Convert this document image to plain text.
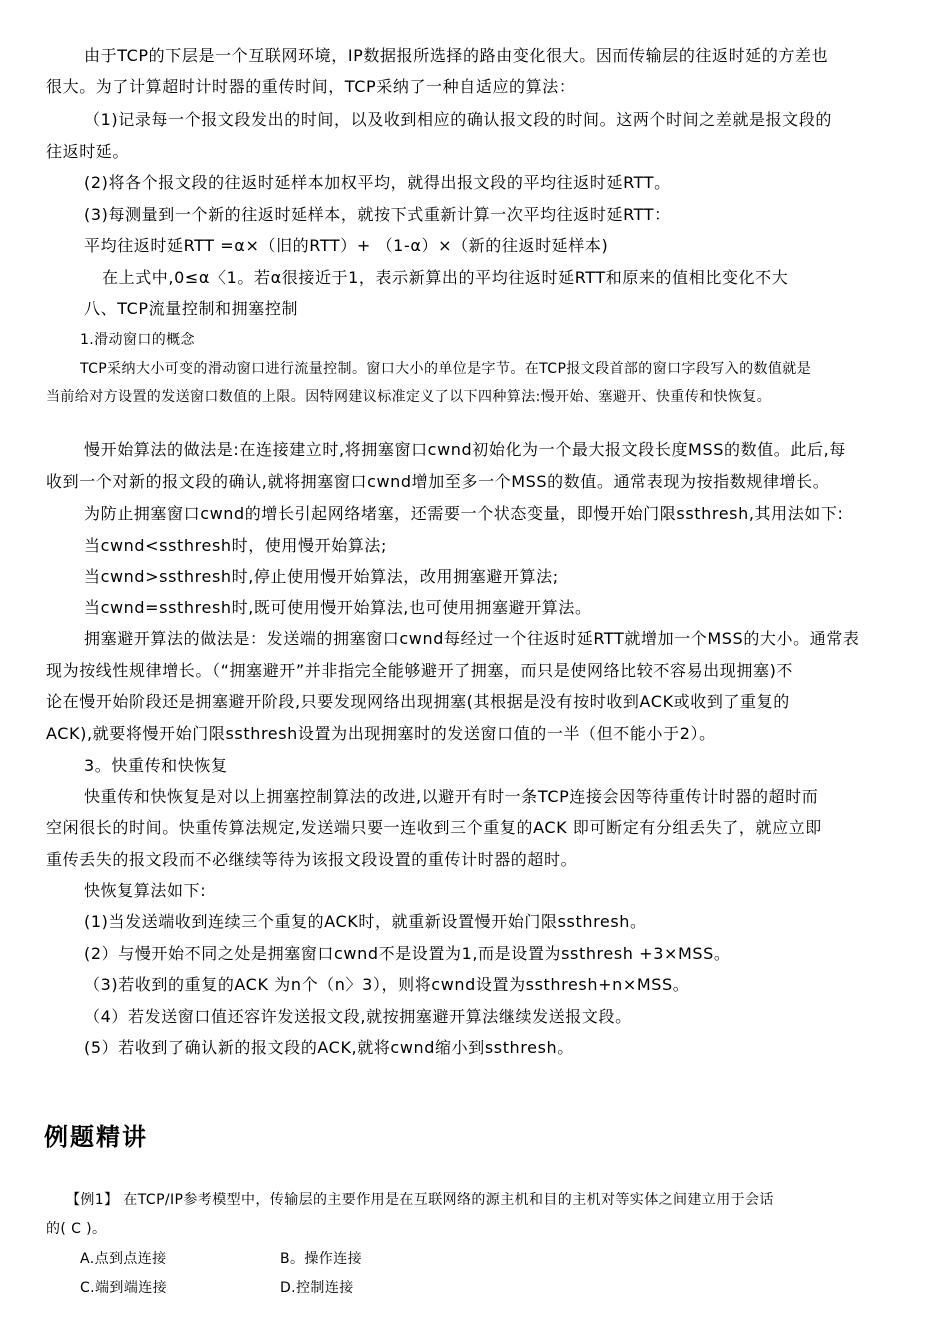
由于TCP的下层是一个互联网环境，IP数据报所选择的路由变化很大。因而传输层的往返时延的方差也
很大。为了计算超时计时器的重传时间，TCP采纳了一种自适应的算法：
（1)记录每一个报文段发出的时间，以及收到相应的确认报文段的时间。这两个时间之差就是报文段的
往返时延。
(2)将各个报文段的往返时延样本加权平均，就得出报文段的平均往返时延RTT。
(3)每测量到一个新的往返时延样本，就按下式重新计算一次平均往返时延RTT：
平均往返时延RTT =α×（旧的RTT）+ （1-α）×（新的往返时延样本)
在上式中,0≤α〈1。若α很接近于1，表示新算出的平均往返时延RTT和原来的值相比变化不大
八、TCP流量控制和拥塞控制
1.滑动窗口的概念
TCP采纳大小可变的滑动窗口进行流量控制。窗口大小的单位是字节。在TCP报文段首部的窗口字段写入的数值就是
当前给对方设置的发送窗口数值的上限。因特网建议标准定义了以下四种算法:慢开始、塞避开、快重传和快恢复。
慢开始算法的做法是:在连接建立时,将拥塞窗口cwnd初始化为一个最大报文段长度MSS的数值。此后,每
收到一个对新的报文段的确认,就将拥塞窗口cwnd增加至多一个MSS的数值。通常表现为按指数规律增长。
为防止拥塞窗口cwnd的增长引起网络堵塞，还需要一个状态变量，即慢开始门限ssthresh,其用法如下:
当cwnd<ssthresh时，使用慢开始算法;
当cwnd>ssthresh时,停止使用慢开始算法，改用拥塞避开算法;
当cwnd=ssthresh时,既可使用慢开始算法,也可使用拥塞避开算法。
拥塞避开算法的做法是：发送端的拥塞窗口cwnd每经过一个往返时延RTT就增加一个MSS的大小。通常表
现为按线性规律增长。（“拥塞避开”并非指完全能够避开了拥塞，而只是使网络比较不容易出现拥塞)不
论在慢开始阶段还是拥塞避开阶段,只要发现网络出现拥塞(其根据是没有按时收到ACK或收到了重复的
ACK),就要将慢开始门限ssthresh设置为出现拥塞时的发送窗口值的一半（但不能小于2）。
3。快重传和快恢复
快重传和快恢复是对以上拥塞控制算法的改进,以避开有时一条TCP连接会因等待重传计时器的超时而
空闲很长的时间。快重传算法规定,发送端只要一连收到三个重复的ACK 即可断定有分组丢失了，就应立即
重传丢失的报文段而不必继续等待为该报文段设置的重传计时器的超时。
快恢复算法如下:
(1)当发送端收到连续三个重复的ACK时，就重新设置慢开始门限ssthresh。
(2）与慢开始不同之处是拥塞窗口cwnd不是设置为1,而是设置为ssthresh +3×MSS。
（3)若收到的重复的ACK 为n个（n〉3），则将cwnd设置为ssthresh+n×MSS。
（4）若发送窗口值还容许发送报文段,就按拥塞避开算法继续发送报文段。
(5）若收到了确认新的报文段的ACK,就将cwnd缩小到ssthresh。
例题精讲
【例1】 在TCP/IP参考模型中，传输层的主要作用是在互联网络的源主机和目的主机对等实体之间建立用于会话
的( C )。
A.点到点连接	B。操作连接
C.端到端连接	D.控制连接
